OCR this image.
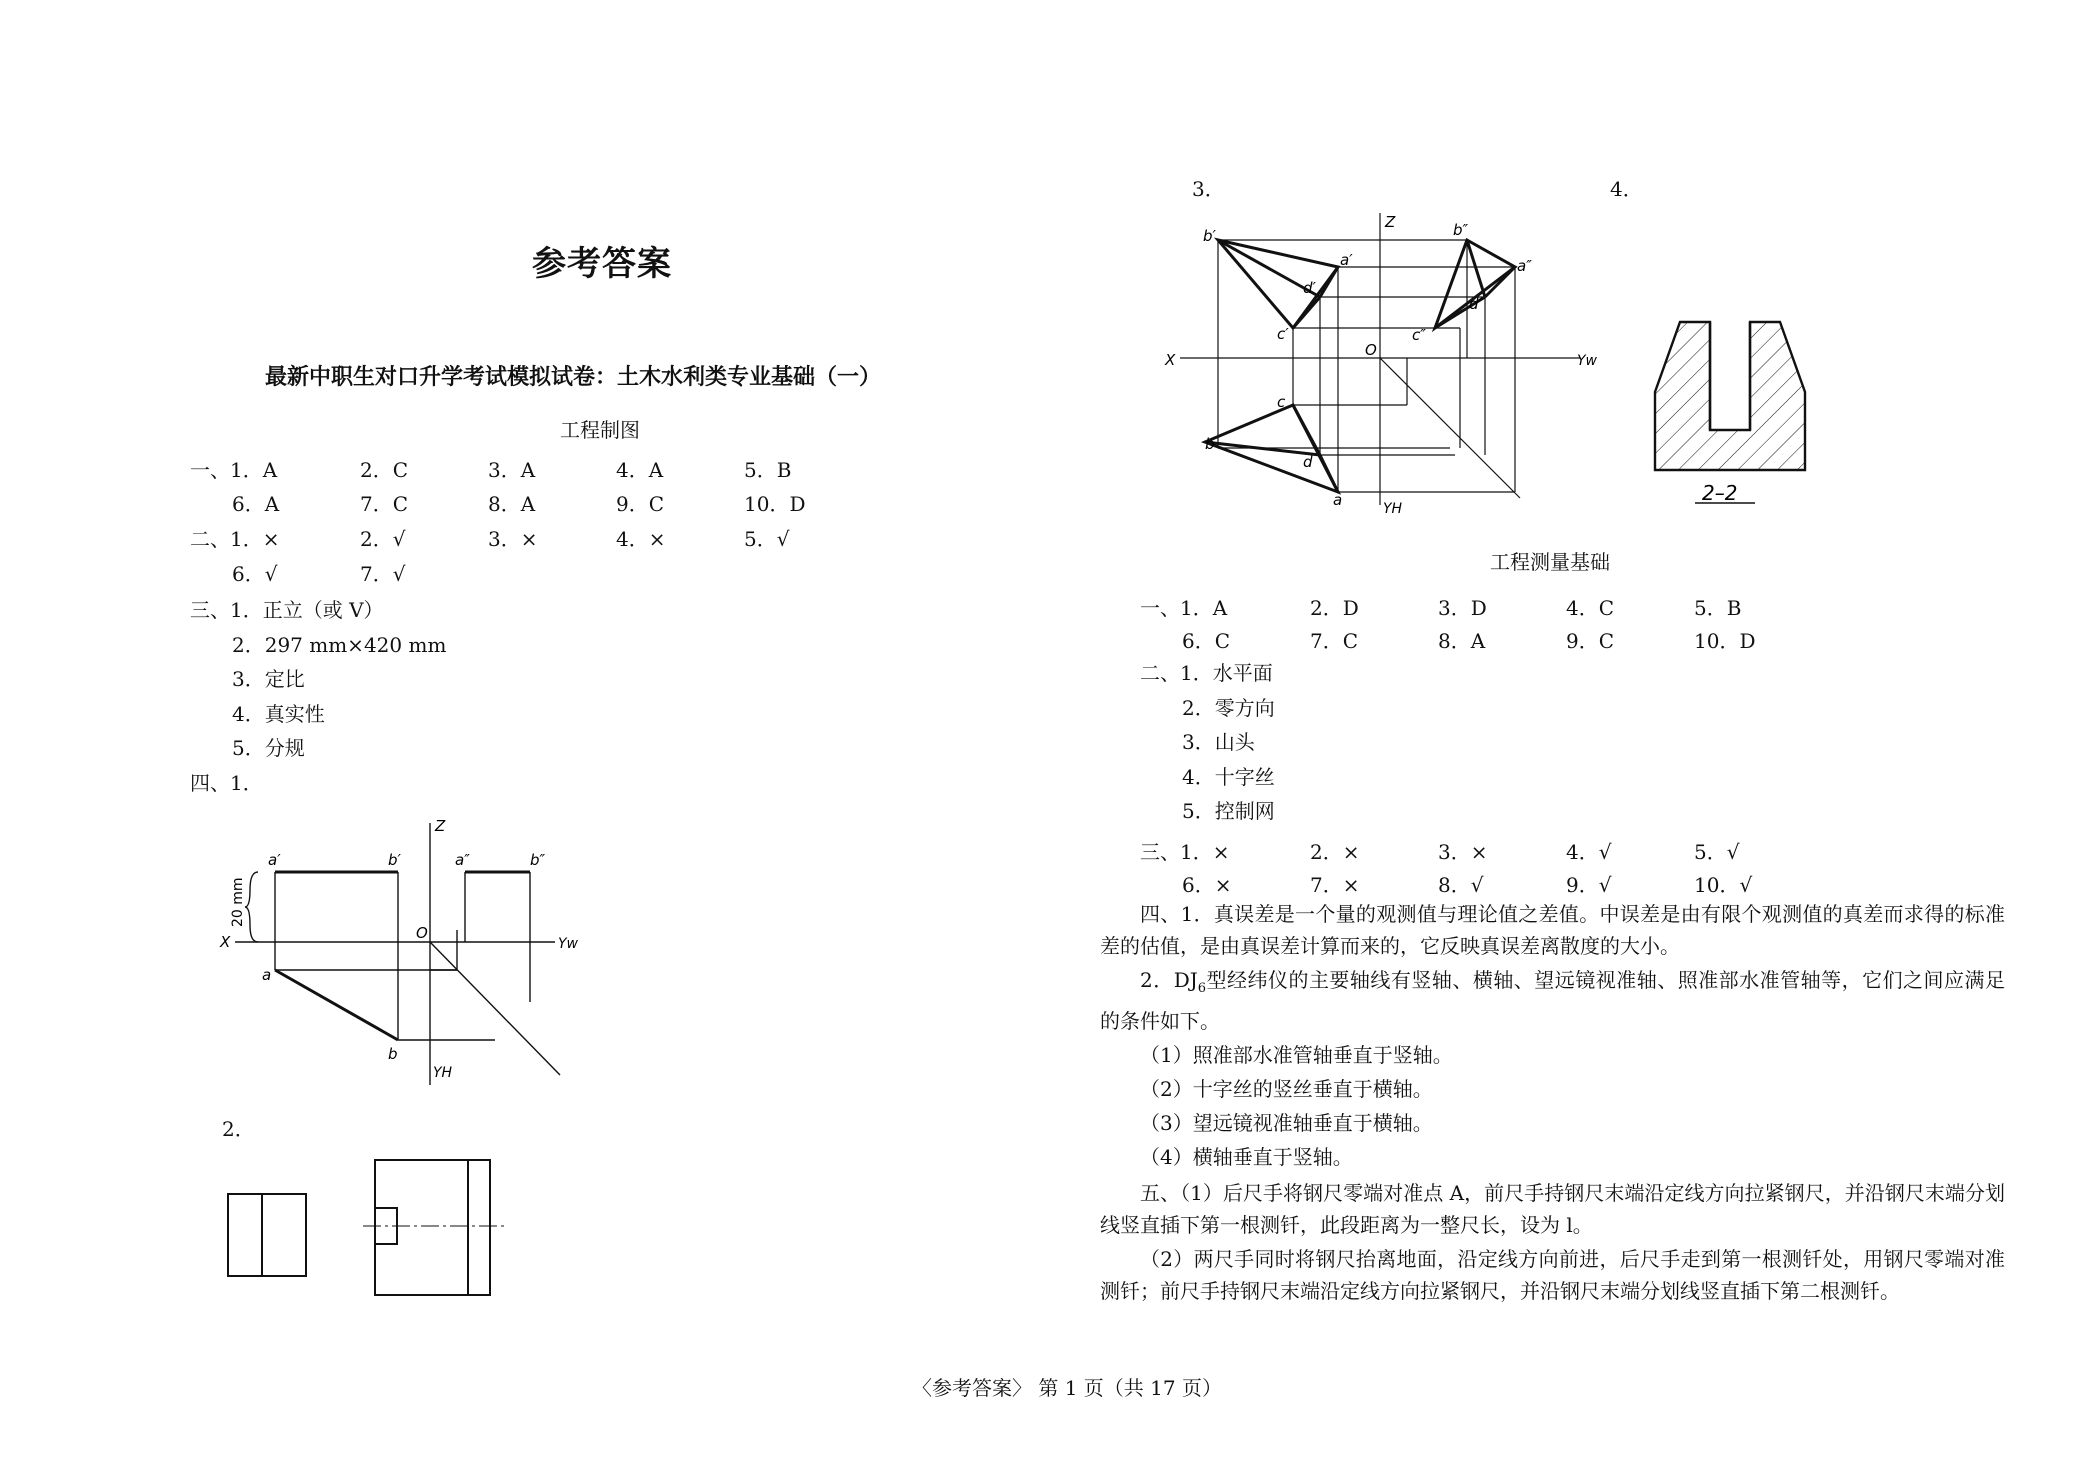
参考答案
最新中职生对口升学考试模拟试卷：土木水利类专业基础（一）
工程制图
一、1．A	2．C	3．A	4．A	5．B
6．A	7．C	8．A	9．C	10．D
二、1．×	2．√	3．×	4．×	5．√
6．√	7．√
三、1．正立（或 V）
2．297 mm×420 mm
3．定比
4．真实性
5．分规
四、1．
Z
X	O
Yw
YH
a′	b′	a″	b″
a
b
20 mm
2．
3．	4．
Z
X
O
Yw
YH
b′
a′
d′
c′
b″
a″
d″
c″
c
b
d
a	2–2
工程测量基础
一、1．A	2．D	3．D	4．C	5．B
6．C	7．C	8．A	9．C	10．D
二、1．水平面
2．零方向
3．山头
4．十字丝
5．控制网
三、1．×	2．×	3．×	4．√	5．√
6．×	7．×	8．√	9．√	10．√
四、1．真误差是一个量的观测值与理论值之差值。中误差是由有限个观测值的真差而求得的标准差的估值，是由真误差计算而来的，它反映真误差离散度的大小。
2．$DJ_6$型经纬仪的主要轴线有竖轴、横轴、望远镜视准轴、照准部水准管轴等，它们之间应满足的条件如下。
（1）照准部水准管轴垂直于竖轴。
（2）十字丝的竖丝垂直于横轴。
（3）望远镜视准轴垂直于横轴。
（4）横轴垂直于竖轴。
五、（1）后尺手将钢尺零端对准点 A，前尺手持钢尺末端沿定线方向拉紧钢尺，并沿钢尺末端分划线竖直插下第一根测钎，此段距离为一整尺长，设为 l。
（2）两尺手同时将钢尺抬离地面，沿定线方向前进，后尺手走到第一根测钎处，用钢尺零端对准测钎；前尺手持钢尺末端沿定线方向拉紧钢尺，并沿钢尺末端分划线竖直插下第二根测钎。
〈参考答案〉 第 1 页（共 17 页）
